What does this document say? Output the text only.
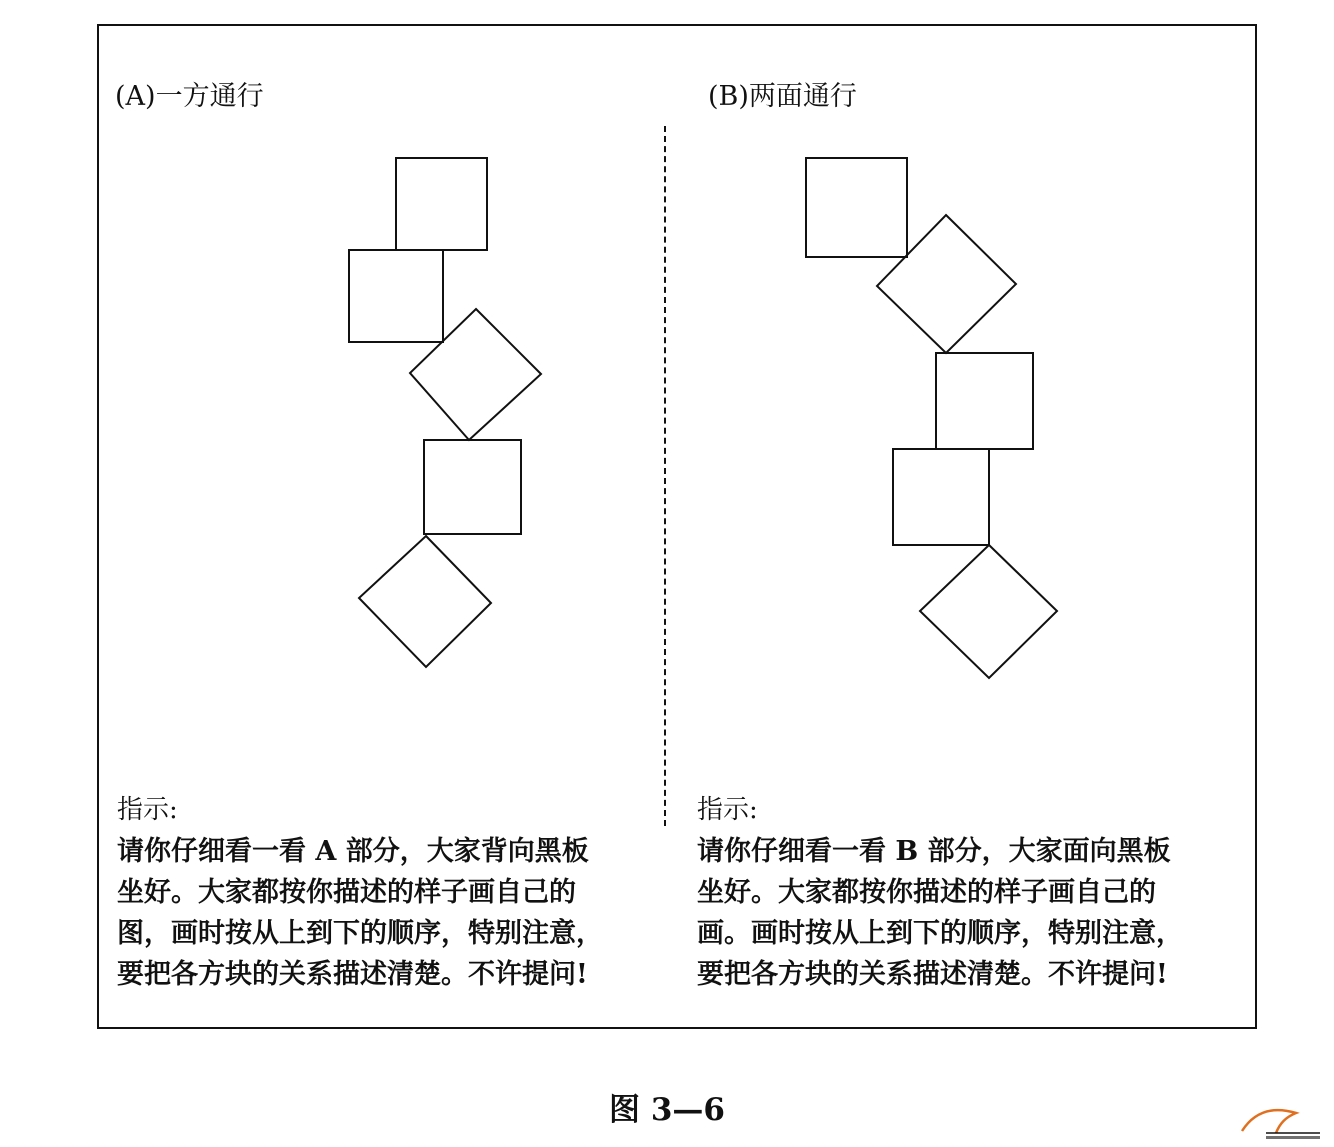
(A)一方通行	(B)两面通行
指示:
请你仔细看一看 A 部分，大家背向黑板
坐好。大家都按你描述的样子画自己的
图，画时按从上到下的顺序，特别注意，
要把各方块的关系描述清楚。不许提问!
指示:
请你仔细看一看 B 部分，大家面向黑板
坐好。大家都按你描述的样子画自己的
画。画时按从上到下的顺序，特别注意，
要把各方块的关系描述清楚。不许提问!
图 3—6
